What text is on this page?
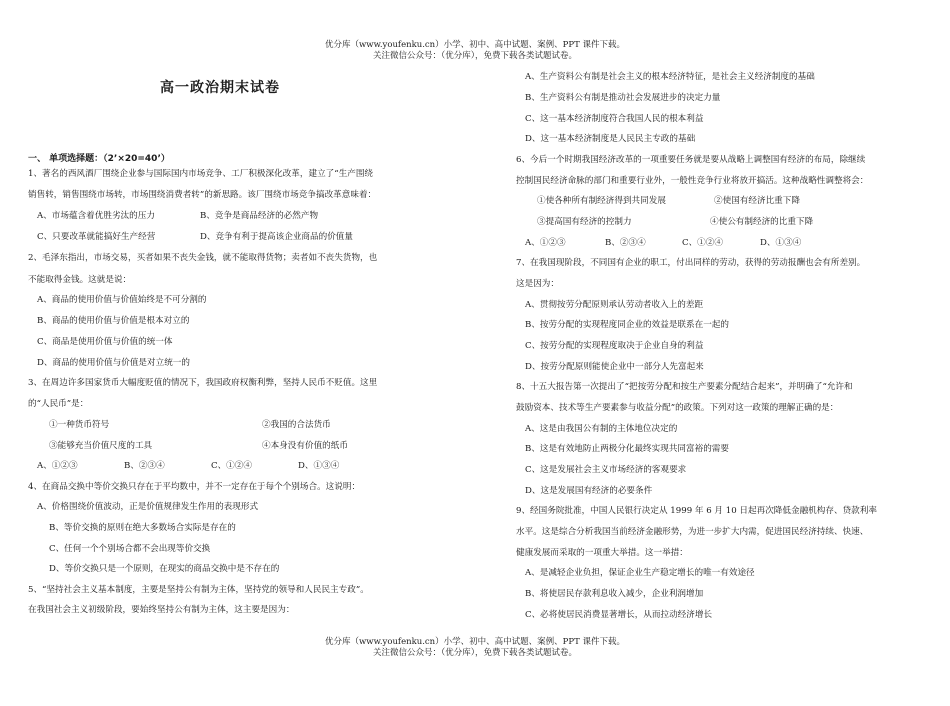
优分库（www.youfenku.cn）小学、初中、高中试题、案例、PPT 课件下载。
关注微信公众号：（优分库），免费下载各类试题试卷。
高一政治期末试卷
一、 单项选择题：（2’×20=40’）
1、著名的西风酒厂围绕企业参与国际国内市场竞争、工厂积极深化改革，建立了“生产围绕
销售转，销售围绕市场转，市场围绕消费者转”的新思路。该厂围绕市场竞争搞改革意味着：
A、市场蕴含着优胜劣汰的压力	B、竞争是商品经济的必然产物
C、只要改革就能搞好生产经营	D、竞争有利于提高该企业商品的价值量
2、毛泽东指出，市场交易，买者如果不丧失金钱，就不能取得货物；卖者如不丧失货物，也
不能取得金钱。这就是说：
A、商品的使用价值与价值始终是不可分割的
B、商品的使用价值与价值是根本对立的
C、商品是使用价值与价值的统一体
D、商品的使用价值与价值是对立统一的
3、在周边许多国家货币大幅度贬值的情况下，我国政府权衡利弊，坚持人民币不贬值。这里
的“人民币”是：
①一种货币符号	②我国的合法货币
③能够充当价值尺度的工具	④本身没有价值的纸币
A、①②③	B、②③④	C、①②④	D、①③④
4、在商品交换中等价交换只存在于平均数中，并不一定存在于每个个别场合。这说明：
A、价格围绕价值波动，正是价值规律发生作用的表现形式
B、等价交换的原则在绝大多数场合实际是存在的
C、任何一个个别场合都不会出现等价交换
D、等价交换只是一个原则，在现实的商品交换中是不存在的
5、“坚持社会主义基本制度，主要是坚持公有制为主体，坚持党的领导和人民民主专政”。
在我国社会主义初级阶段，要始终坚持公有制为主体，这主要是因为：
A、生产资料公有制是社会主义的根本经济特征，是社会主义经济制度的基础
B、生产资料公有制是推动社会发展进步的决定力量
C、这一基本经济制度符合我国人民的根本利益
D、这一基本经济制度是人民民主专政的基础
6、今后一个时期我国经济改革的一项重要任务就是要从战略上调整国有经济的布局，除继续
控制国民经济命脉的部门和重要行业外，一般性竞争行业将放开搞活。这种战略性调整将会：
①使各种所有制经济得到共同发展	②使国有经济比重下降
③提高国有经济的控制力	④使公有制经济的比重下降
A、①②③	B、②③④	C、①②④	D、①③④
7、在我国现阶段，不同国有企业的职工，付出同样的劳动，获得的劳动报酬也会有所差别。
这是因为：
A、贯彻按劳分配原则承认劳动者收入上的差距
B、按劳分配的实现程度同企业的效益是联系在一起的
C、按劳分配的实现程度取决于企业自身的利益
D、按劳分配原则能使企业中一部分人先富起来
8、十五大报告第一次提出了“把按劳分配和按生产要素分配结合起来”，并明确了“允许和
鼓励资本、技术等生产要素参与收益分配”的政策。下列对这一政策的理解正确的是：
A、这是由我国公有制的主体地位决定的
B、这是有效地防止两极分化最终实现共同富裕的需要
C、这是发展社会主义市场经济的客观要求
D、这是发展国有经济的必要条件
9、经国务院批准，中国人民银行决定从 1999 年 6 月 10 日起再次降低金融机构存、贷款利率
水平。这是综合分析我国当前经济金融形势，为进一步扩大内需，促进国民经济持续、快速、
健康发展而采取的一项重大举措。这一举措：
A、是减轻企业负担，保证企业生产稳定增长的唯一有效途径
B、将使居民存款利息收入减少，企业利润增加
C、必将使居民消费显著增长，从而拉动经济增长
优分库（www.youfenku.cn）小学、初中、高中试题、案例、PPT 课件下载。
关注微信公众号：（优分库），免费下载各类试题试卷。
